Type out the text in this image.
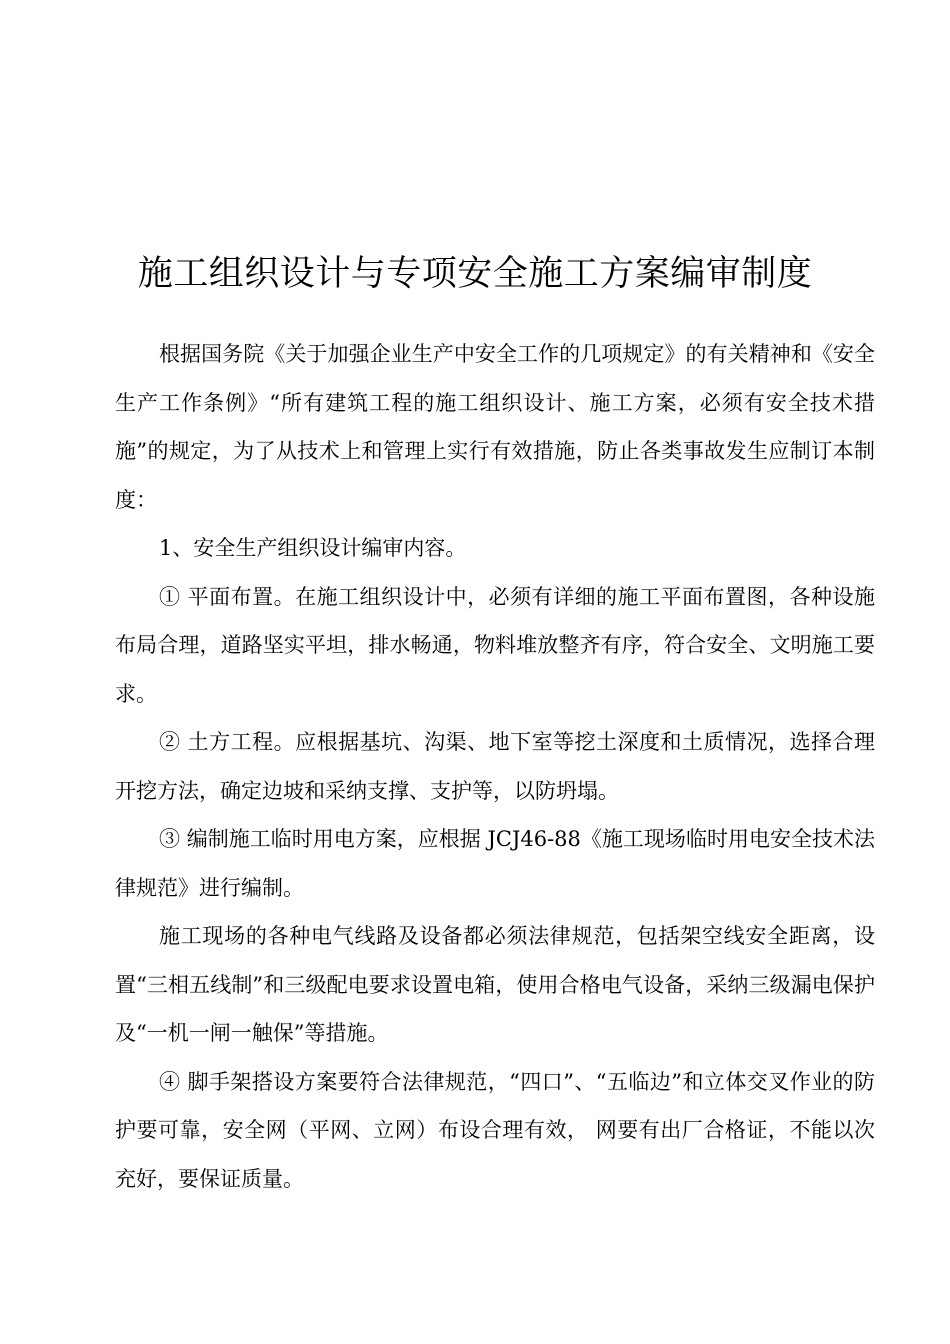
施工组织设计与专项安全施工方案编审制度

根据国务院《关于加强企业生产中安全工作的几项规定》的有关精神和《安全生产工作条例》“所有建筑工程的施工组织设计、施工方案，必须有安全技术措施”的规定，为了从技术上和管理上实行有效措施，防止各类事故发生应制订本制度：

1、安全生产组织设计编审内容。

① 平面布置。在施工组织设计中，必须有详细的施工平面布置图，各种设施布局合理，道路坚实平坦，排水畅通，物料堆放整齐有序，符合安全、文明施工要求。

② 土方工程。应根据基坑、沟渠、地下室等挖土深度和土质情况，选择合理开挖方法，确定边坡和采纳支撑、支护等，以防坍塌。

③ 编制施工临时用电方案，应根据 JCJ46-88《施工现场临时用电安全技术法律规范》进行编制。

施工现场的各种电气线路及设备都必须法律规范，包括架空线安全距离，设置“三相五线制”和三级配电要求设置电箱，使用合格电气设备，采纳三级漏电保护及“一机一闸一触保”等措施。

④ 脚手架搭设方案要符合法律规范，“四口”、“五临边”和立体交叉作业的防护要可靠，安全网（平网、立网）布设合理有效， 网要有出厂合格证，不能以次充好，要保证质量。
